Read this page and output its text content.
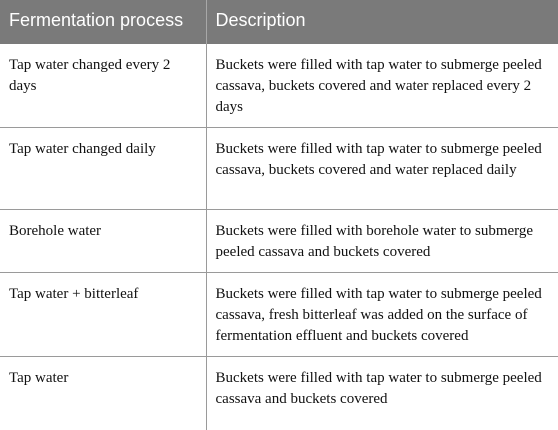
Fermentation process	Description
Tap water changed every 2 days	Buckets were filled with tap water to submerge peeled cassava, buckets covered and water replaced every 2 days
Tap water changed daily	Buckets were filled with tap water to submerge peeled cassava, buckets covered and water replaced daily
Borehole water	Buckets were filled with borehole water to submerge peeled cassava and buckets covered
Tap water + bitterleaf	Buckets were filled with tap water to submerge peeled cassava, fresh bitterleaf was added on the surface of fermentation effluent and buckets covered
Tap water	Buckets were filled with tap water to submerge peeled cassava and buckets covered
